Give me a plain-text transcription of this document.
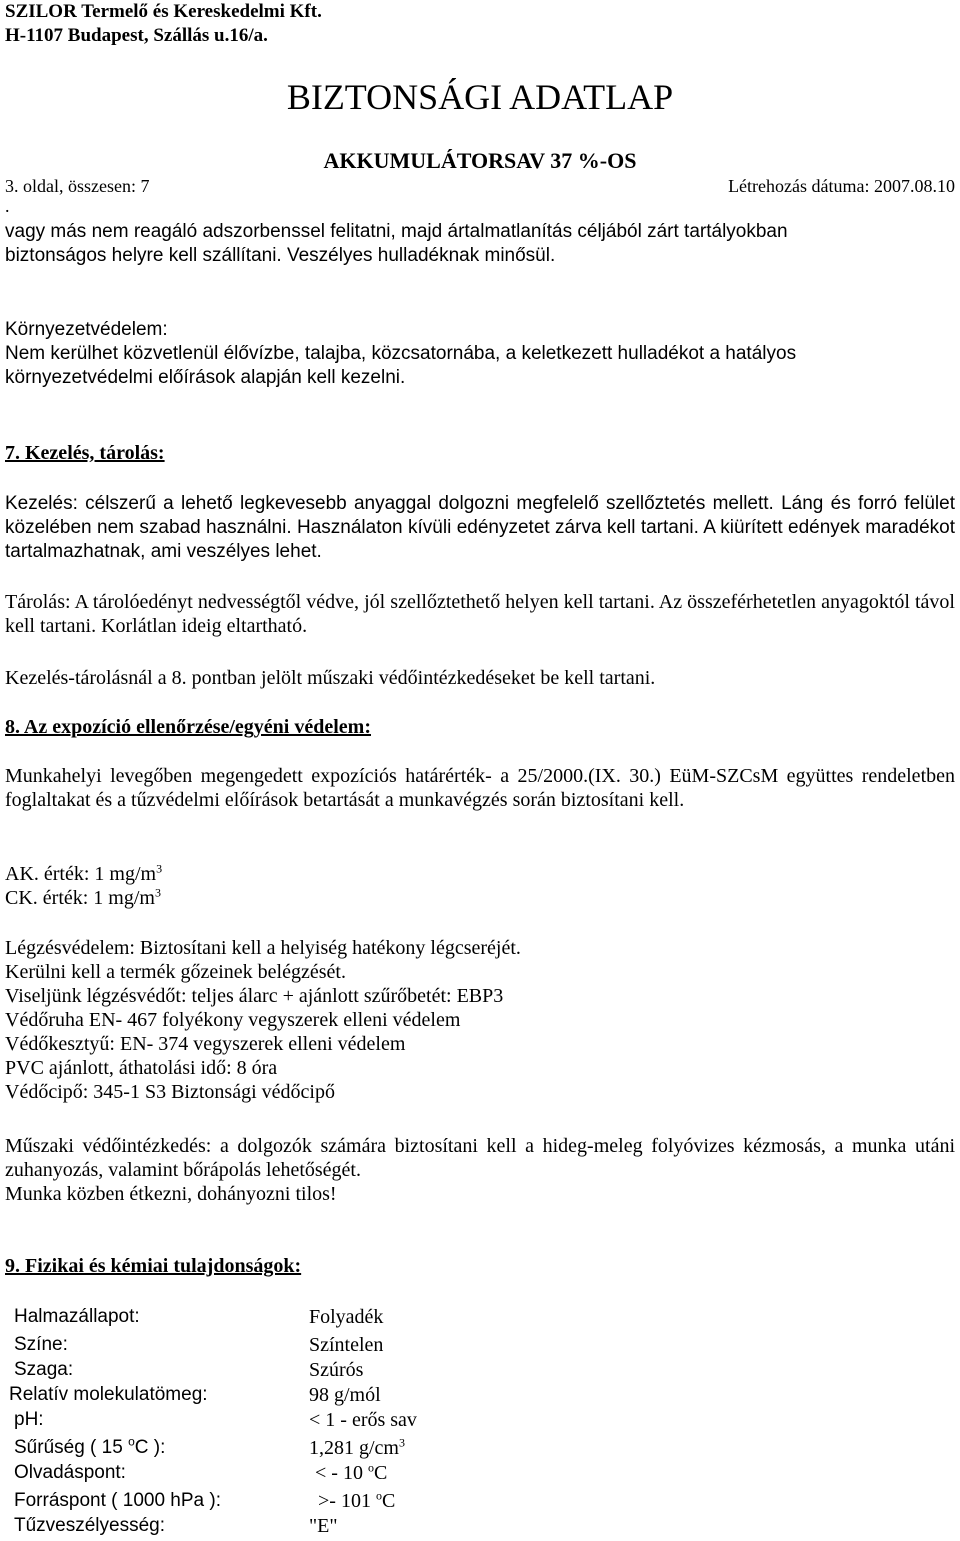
SZILOR Termelő és Kereskedelmi Kft.
H-1107 Budapest, Szállás u.16/a.
BIZTONSÁGI ADATLAP
AKKUMULÁTORSAV 37 %-OS
3. oldal, összesen: 7	Létrehozás dátuma: 2007.08.10
.
vagy más nem reagáló adszorbenssel felitatni, majd ártalmatlanítás céljából zárt tartályokban
biztonságos helyre kell szállítani. Veszélyes hulladéknak minősül.
Környezetvédelem:
Nem kerülhet közvetlenül élővízbe, talajba, közcsatornába, a keletkezett hulladékot a hatályos
környezetvédelmi előírások alapján kell kezelni.
7. Kezelés, tárolás:
Kezelés: célszerű a lehető legkevesebb anyaggal dolgozni megfelelő szellőztetés mellett. Láng és forró felület közelében nem szabad használni. Használaton kívüli edényzetet zárva kell tartani. A kiürített edények maradékot tartalmazhatnak, ami veszélyes lehet.
Tárolás: A tárolóedényt nedvességtől védve, jól szellőztethető helyen kell tartani. Az összeférhetetlen anyagoktól távol kell tartani. Korlátlan ideig eltartható.
Kezelés-tárolásnál a 8. pontban jelölt műszaki védőintézkedéseket be kell tartani.
8. Az expozíció ellenőrzése/egyéni védelem:
Munkahelyi levegőben megengedett expozíciós határérték- a 25/2000.(IX. 30.) EüM-SZCsM együttes rendeletben foglaltakat és a tűzvédelmi előírások betartását a munkavégzés során biztosítani kell.
AK. érték: 1 $mg/m^3$
CK. érték: 1 $mg/m^3$
Légzésvédelem: Biztosítani kell a helyiség hatékony légcseréjét.
Kerülni kell a termék gőzeinek belégzését.
Viseljünk légzésvédőt: teljes álarc + ajánlott szűrőbetét: EBP3
Védőruha EN- 467 folyékony vegyszerek elleni védelem
Védőkesztyű: EN- 374 vegyszerek elleni védelem
PVC ajánlott, áthatolási idő: 8 óra
Védőcipő: 345-1 S3 Biztonsági védőcipő
Műszaki védőintézkedés: a dolgozók számára biztosítani kell a hideg-meleg folyóvizes kézmosás, a munka utáni zuhanyozás, valamint bőrápolás lehetőségét.
Munka közben étkezni, dohányozni tilos!
9. Fizikai és kémiai tulajdonságok:
Halmazállapot:	Folyadék
Színe:	Színtelen
Szaga:	Szúrós
Relatív molekulatömeg:	98 g/mól
pH:	< 1 - erős sav
Sűrűség ( 15 $^o$C ):	1,281 $g/cm^3$
Olvadáspont:	< - 10 $^o$C
Forráspont ( 1000 hPa ):	>- 101 $^o$C
Tűzveszélyesség:	"E"
